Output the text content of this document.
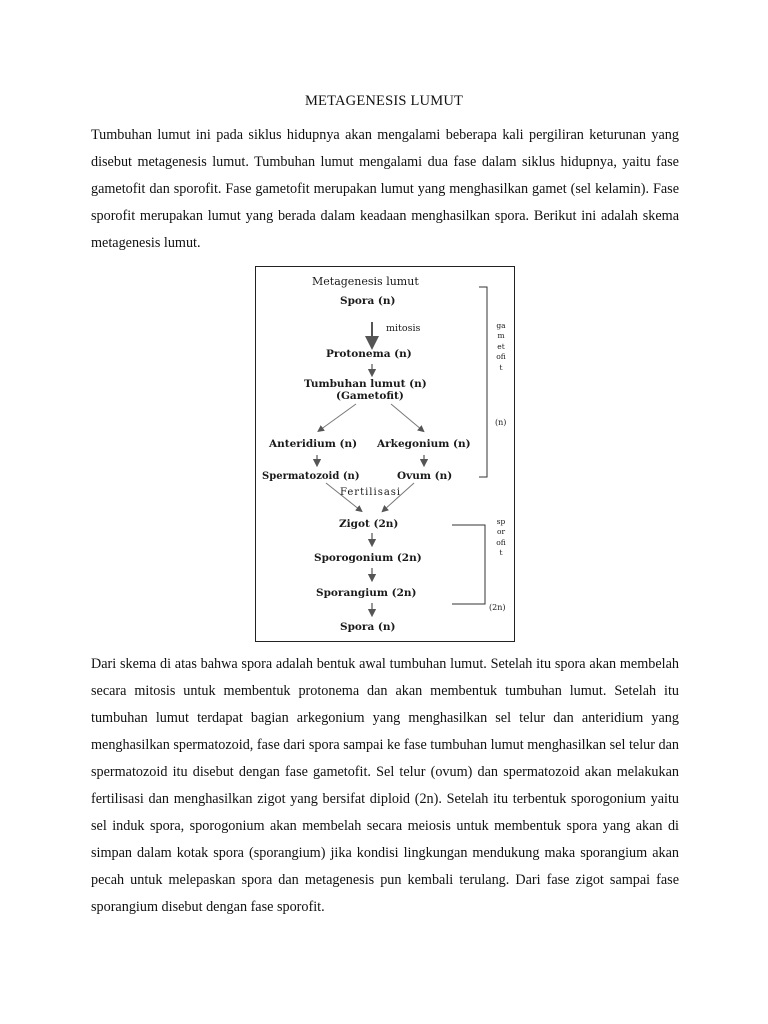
METAGENESIS LUMUT
Tumbuhan lumut ini pada siklus hidupnya akan mengalami beberapa kali pergiliran keturunan yang disebut metagenesis lumut. Tumbuhan lumut mengalami dua fase dalam siklus hidupnya, yaitu fase gametofit dan sporofit. Fase gametofit merupakan lumut yang menghasilkan gamet (sel kelamin). Fase sporofit merupakan lumut yang berada dalam keadaan menghasilkan spora. Berikut ini adalah skema metagenesis lumut.
Metagenesis lumut
Spora (n)
mitosis
Protonema (n)
Tumbuhan lumut (n)
(Gametofit)
Anteridium (n) Arkegonium (n)
Spermatozoid (n)	Ovum (n)
Fertilisasi
Zigot (2n)
Sporogonium (2n)
Sporangium (2n)
Spora (n)
gametofit
(n)
sporofit
(2n)
Dari skema di atas bahwa spora adalah bentuk awal tumbuhan lumut. Setelah itu spora akan membelah secara mitosis untuk membentuk protonema dan akan membentuk tumbuhan lumut. Setelah itu tumbuhan lumut terdapat bagian arkegonium yang menghasilkan sel telur dan anteridium yang menghasilkan spermatozoid, fase dari spora sampai ke fase tumbuhan lumut menghasilkan sel telur dan spermatozoid itu disebut dengan fase gametofit. Sel telur (ovum) dan spermatozoid akan melakukan fertilisasi dan menghasilkan zigot yang bersifat diploid (2n). Setelah itu terbentuk sporogonium yaitu sel induk spora, sporogonium akan membelah secara meiosis untuk membentuk spora yang akan di simpan dalam kotak spora (sporangium) jika kondisi lingkungan mendukung maka sporangium akan pecah untuk melepaskan spora dan metagenesis pun kembali terulang. Dari fase zigot sampai fase sporangium disebut dengan fase sporofit.
